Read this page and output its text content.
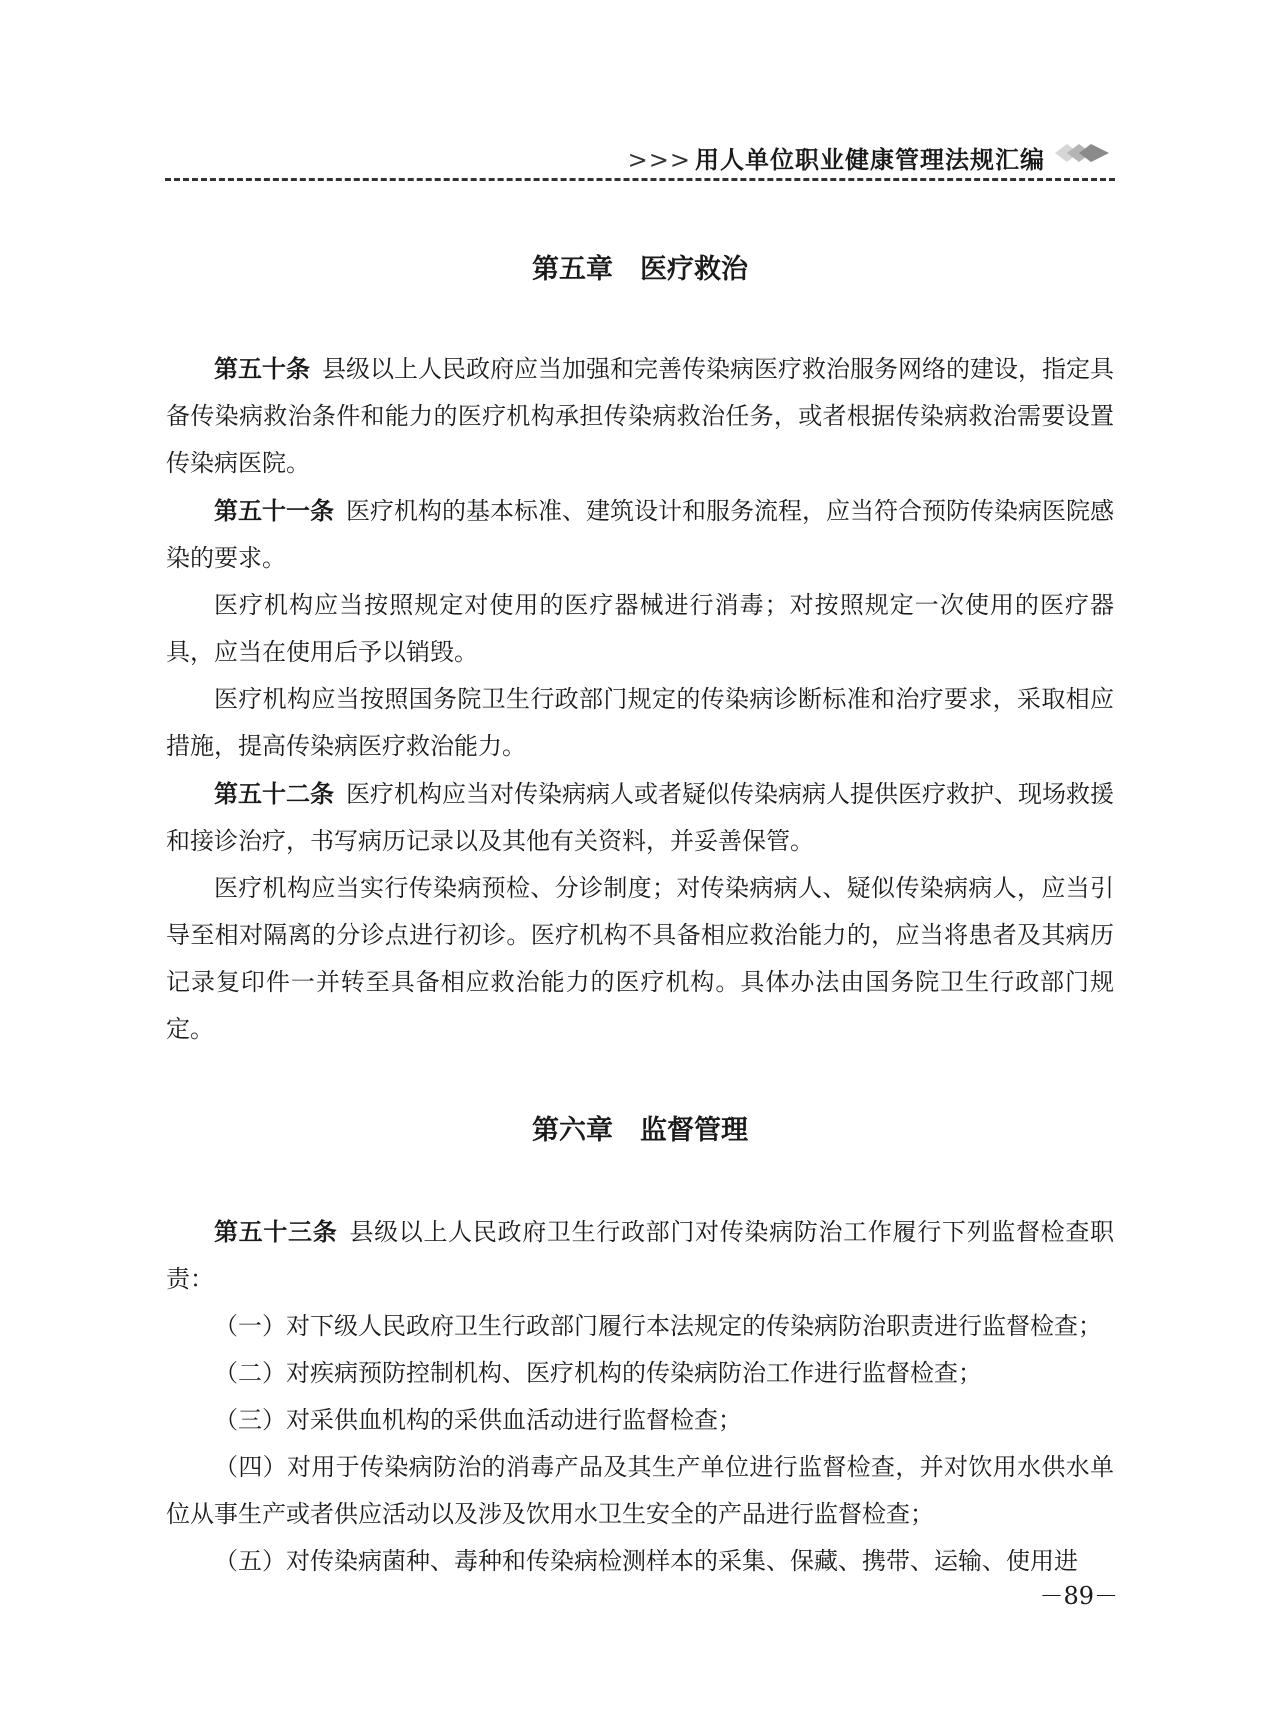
>>> 用人单位职业健康管理法规汇编
第五章　医疗救治

第五十条 县级以上人民政府应当加强和完善传染病医疗救治服务网络的建设，指定具备传染病救治条件和能力的医疗机构承担传染病救治任务，或者根据传染病救治需要设置传染病医院。

第五十一条 医疗机构的基本标准、建筑设计和服务流程，应当符合预防传染病医院感染的要求。

医疗机构应当按照规定对使用的医疗器械进行消毒；对按照规定一次使用的医疗器具，应当在使用后予以销毁。

医疗机构应当按照国务院卫生行政部门规定的传染病诊断标准和治疗要求，采取相应措施，提高传染病医疗救治能力。

第五十二条 医疗机构应当对传染病病人或者疑似传染病病人提供医疗救护、现场救援和接诊治疗，书写病历记录以及其他有关资料，并妥善保管。

医疗机构应当实行传染病预检、分诊制度；对传染病病人、疑似传染病病人，应当引导至相对隔离的分诊点进行初诊。医疗机构不具备相应救治能力的，应当将患者及其病历记录复印件一并转至具备相应救治能力的医疗机构。具体办法由国务院卫生行政部门规定。

第六章　监督管理

第五十三条 县级以上人民政府卫生行政部门对传染病防治工作履行下列监督检查职责：

（一）对下级人民政府卫生行政部门履行本法规定的传染病防治职责进行监督检查；

（二）对疾病预防控制机构、医疗机构的传染病防治工作进行监督检查；

（三）对采供血机构的采供血活动进行监督检查；

（四）对用于传染病防治的消毒产品及其生产单位进行监督检查，并对饮用水供水单位从事生产或者供应活动以及涉及饮用水卫生安全的产品进行监督检查；

（五）对传染病菌种、毒种和传染病检测样本的采集、保藏、携带、运输、使用进

－89－
